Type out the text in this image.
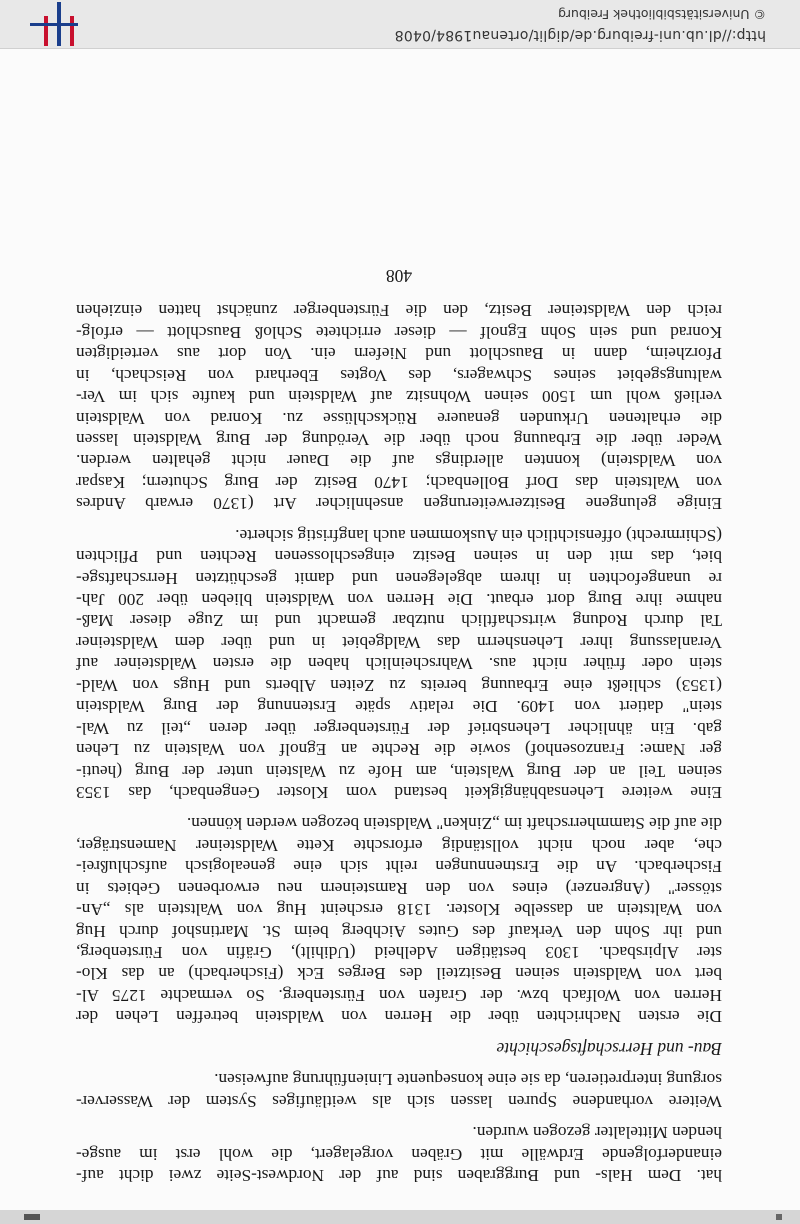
hat. Dem Hals- und Burggraben sind auf der Nordwest-Seite zwei dicht auf-
einanderfolgende Erdwälle mit Gräben vorgelagert, die wohl erst im ausge-
henden Mittelalter gezogen wurden.
Weitere vorhandene Spuren lassen sich als weitläufiges System der Wasserver-
sorgung interpretieren, da sie eine konsequente Linienführung aufweisen.
Bau- und Herrschaftsgeschichte
Die ersten Nachrichten über die Herren von Waldstein betreffen Lehen der
Herren von Wolfach bzw. der Grafen von Fürstenberg. So vermachte 1275 Al-
bert von Waldstein seinen Besitzteil des Berges Eck (Fischerbach) an das Klo-
ster Alpirsbach. 1303 bestätigen Adelheid (Udihilt), Gräfin von Fürstenberg,
und ihr Sohn den Verkauf des Gutes Aichberg beim St. Martinshof durch Hug
von Waltstein an dasselbe Kloster. 1318 erscheint Hug von Waltstein als „An-
stösser" (Angrenzer) eines von den Ramsteinern neu erworbenen Gebiets in
Fischerbach. An die Erstnennungen reiht sich eine genealogisch aufschlußrei-
che, aber noch nicht vollständig erforschte Kette Waldsteiner Namensträger,
die auf die Stammherrschaft im „Zinken" Waldstein bezogen werden können.
Eine weitere Lehensabhängigkeit bestand vom Kloster Gengenbach, das 1353
seinen Teil an der Burg Walstein, am Hofe zu Walstein unter der Burg (heuti-
ger Name: Franzosenhof) sowie die Rechte an Egnolf von Walstein zu Lehen
gab. Ein ähnlicher Lehensbrief der Fürstenberger über deren „teil zu Wal-
stein" datiert von 1409. Die relativ späte Erstennung der Burg Waldstein
(1353) schließt eine Erbauung bereits zu Zeiten Alberts und Hugs von Wald-
stein oder früher nicht aus. Wahrscheinlich haben die ersten Waldsteiner auf
Veranlassung ihrer Lehensherrn das Waldgebiet in und über dem Waldsteiner
Tal durch Rodung wirtschaftlich nutzbar gemacht und im Zuge dieser Maß-
nahme ihre Burg dort erbaut. Die Herren von Waldstein blieben über 200 Jah-
re unangefochten in ihrem abgelegenen und damit geschützten Herrschaftsge-
biet, das mit den in seinen Besitz eingeschlossenen Rechten und Pflichten
(Schirmrecht) offensichtlich ein Auskommen auch langfristig sicherte.
Einige gelungene Besitzerweiterungen ansehnlicher Art (1370 erwarb Andres
von Waltstein das Dorf Bollenbach; 1470 Besitz der Burg Schutern; Kaspar
von Waldstein) konnten allerdings auf die Dauer nicht gehalten werden.
Weder über die Erbauung noch über die Verödung der Burg Waldstein lassen
die erhaltenen Urkunden genauere Rückschlüsse zu. Konrad von Waldstein
verließ wohl um 1500 seinen Wohnsitz auf Waldstein und kaufte sich im Ver-
waltungsgebiet seines Schwagers, des Vogtes Eberhard von Reischach, in
Pforzheim, dann in Bauschlott und Niefern ein. Von dort aus verteidigten
Konrad und sein Sohn Egnolf — dieser errichtete Schloß Bauschlott — erfolg-
reich den Waldsteiner Besitz, den die Fürstenberger zunächst hatten einziehen
408
http://dl.ub.uni-freiburg.de/diglit/ortenau1984/0408
© Universitätsbibliothek Freiburg
